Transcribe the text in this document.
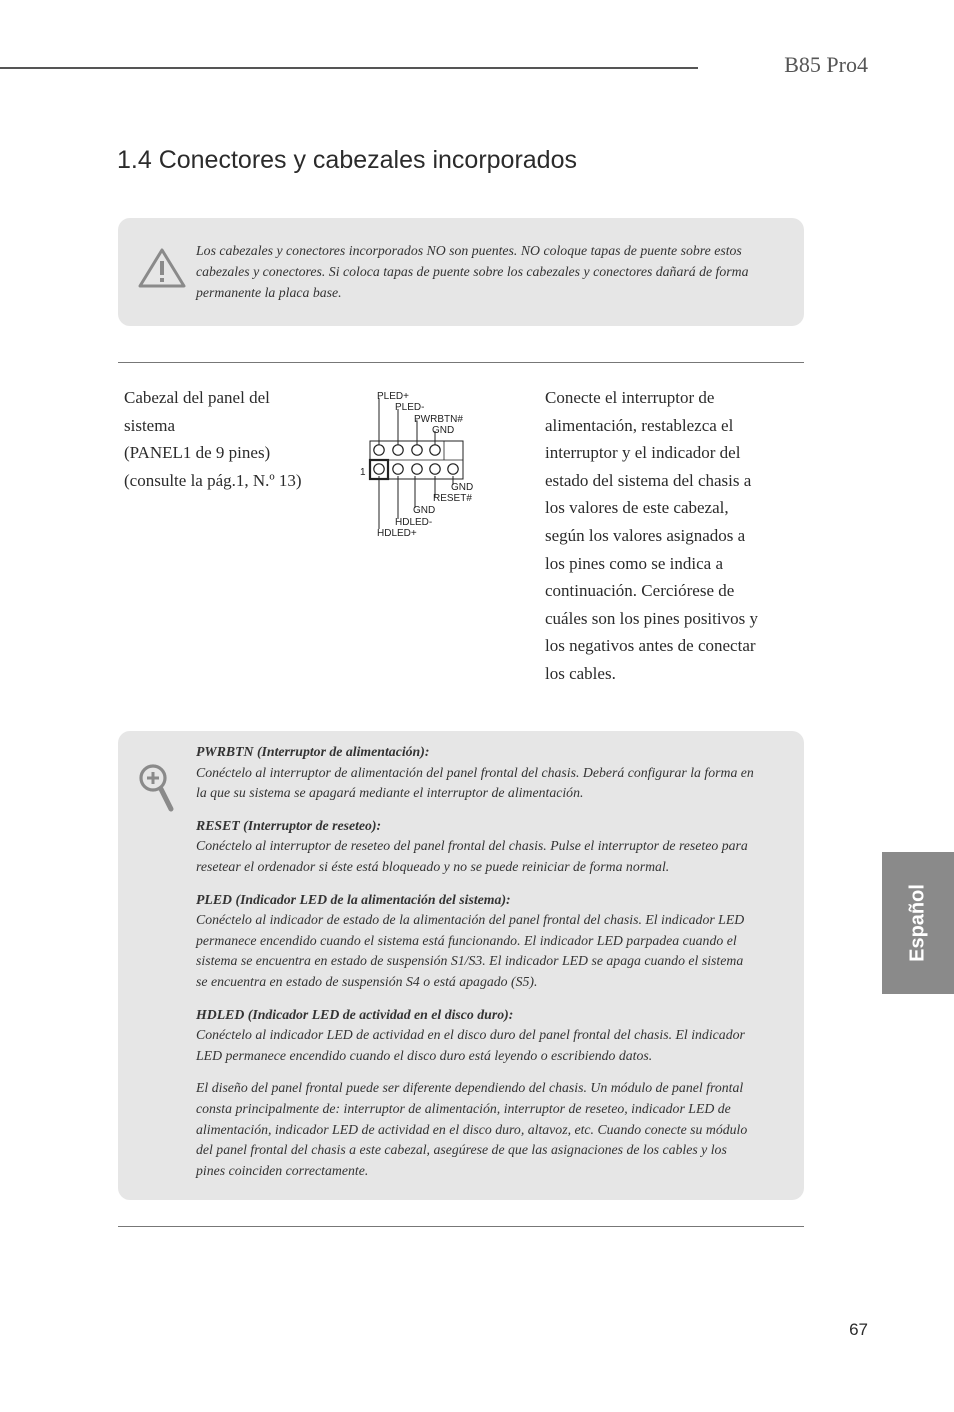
B85 Pro4
1.4 Conectores y cabezales incorporados
Los cabezales y conectores incorporados NO son puentes. NO coloque tapas de puente sobre estos cabezales y conectores. Si coloca tapas de puente sobre los cabezales y conectores dañará de forma permanente la placa base.
Cabezal del panel del
sistema
(PANEL1 de 9 pines)
(consulte la pág.1, N.º 13)
PLED+
PLED-
PWRBTN#
GND
1
GND
RESET#
GND
HDLED-
HDLED+
Conecte el interruptor de alimentación, restablezca el interruptor y el indicador del estado del sistema del chasis a los valores de este cabezal, según los valores asignados a los pines como se indica a continuación. Cerciórese de cuáles son los pines positivos y los negativos antes de conectar los cables.
PWRBTN (Interruptor de alimentación):
Conéctelo al interruptor de alimentación del panel frontal del chasis. Deberá configurar la forma en la que su sistema se apagará mediante el interruptor de alimentación.
RESET (Interruptor de reseteo):
Conéctelo al interruptor de reseteo del panel frontal del chasis. Pulse el interruptor de reseteo para resetear el ordenador si éste está bloqueado y no se puede reiniciar de forma normal.
PLED (Indicador LED de la alimentación del sistema):
Conéctelo al indicador de estado de la alimentación del panel frontal del chasis. El indicador LED permanece encendido cuando el sistema está funcionando. El indicador LED parpadea cuando el sistema se encuentra en estado de suspensión S1/S3. El indicador LED se apaga cuando el sistema se encuentra en estado de suspensión S4 o está apagado (S5).
HDLED (Indicador LED de actividad en el disco duro):
Conéctelo al indicador LED de actividad en el disco duro del panel frontal del chasis. El indicador LED permanece encendido cuando el disco duro está leyendo o escribiendo datos.
El diseño del panel frontal puede ser diferente dependiendo del chasis. Un módulo de panel frontal consta principalmente de: interruptor de alimentación, interruptor de reseteo, indicador LED de alimentación, indicador LED de actividad en el disco duro, altavoz, etc. Cuando conecte su módulo del panel frontal del chasis a este cabezal, asegúrese de que las asignaciones de los cables y los pines coinciden correctamente.
Español
67
